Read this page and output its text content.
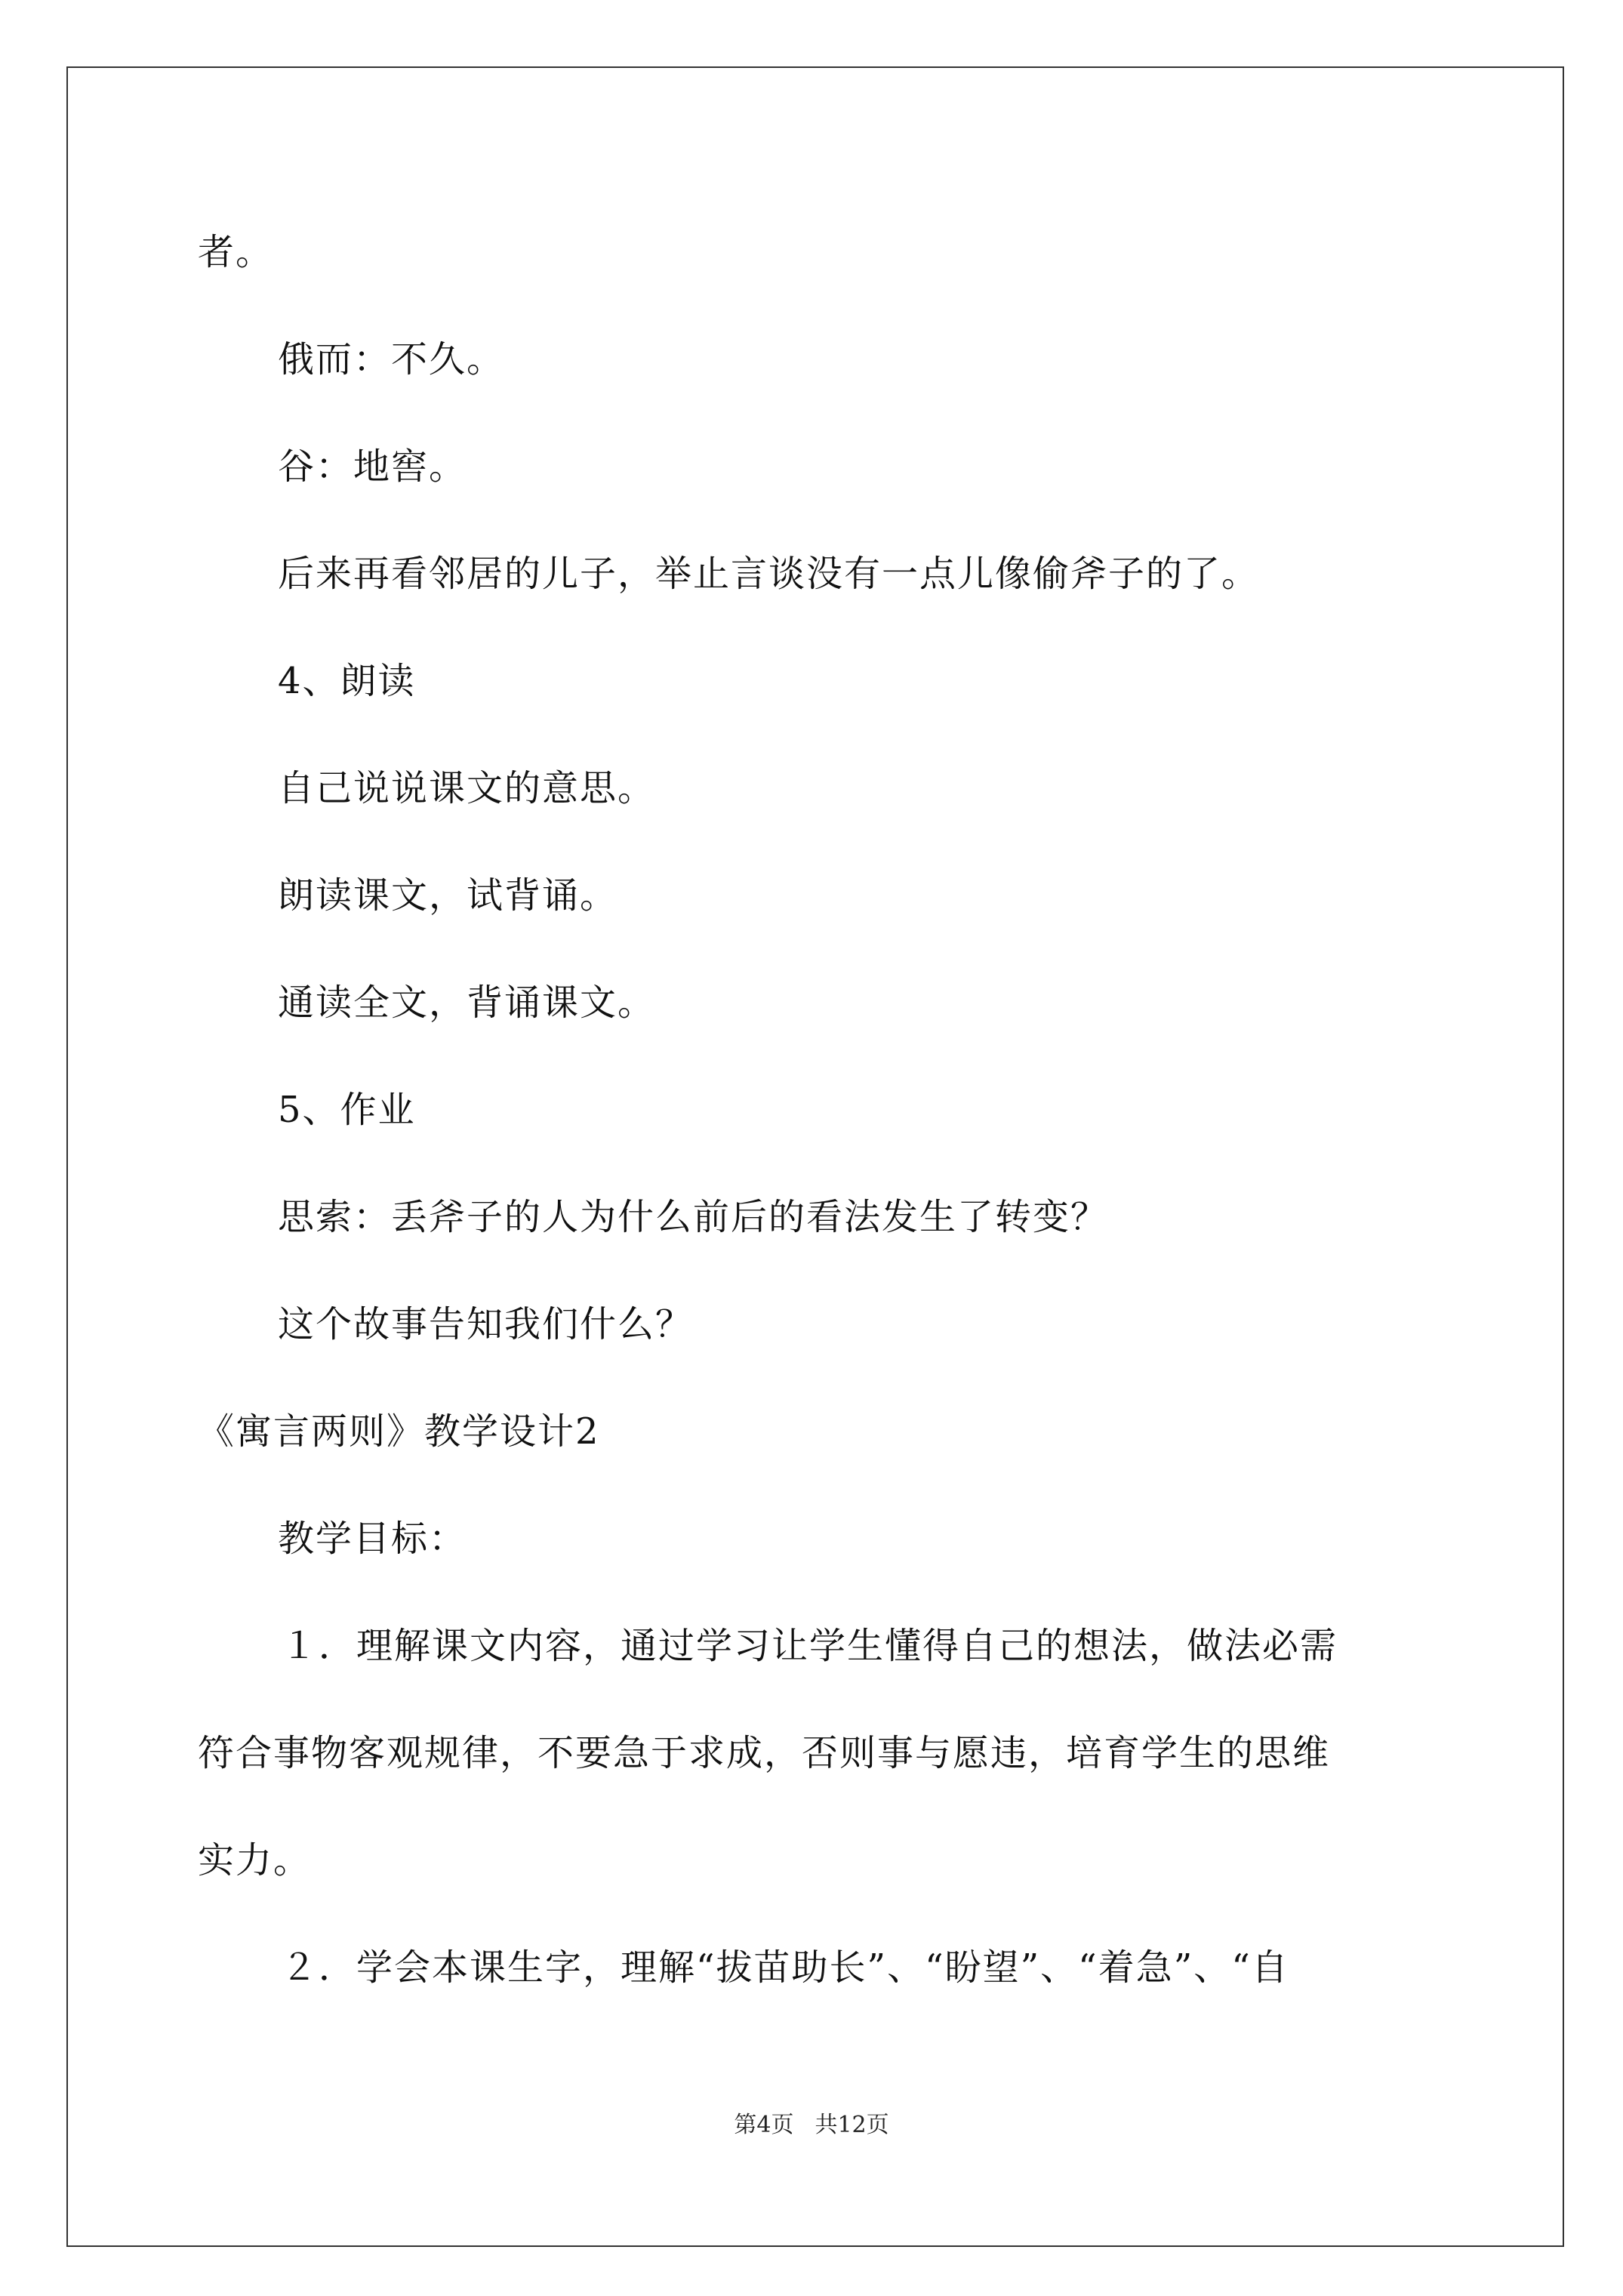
者。
俄而：不久。
谷：地窖。
后来再看邻居的儿子，举止言谈没有一点儿像偷斧子的了。
4、朗读
自己说说课文的意思。
朗读课文，试背诵。
通读全文，背诵课文。
5、作业
思索：丢斧子的人为什么前后的看法发生了转变？
这个故事告知我们什么？
《寓言两则》教学设计2
教学目标：
１．理解课文内容，通过学习让学生懂得自己的想法，做法必需
符合事物客观规律，不要急于求成，否则事与愿违，培育学生的思维
实力。
２．学会本课生字，理解“拔苗助长”、“盼望”、“着急”、“自
第4页 共12页
